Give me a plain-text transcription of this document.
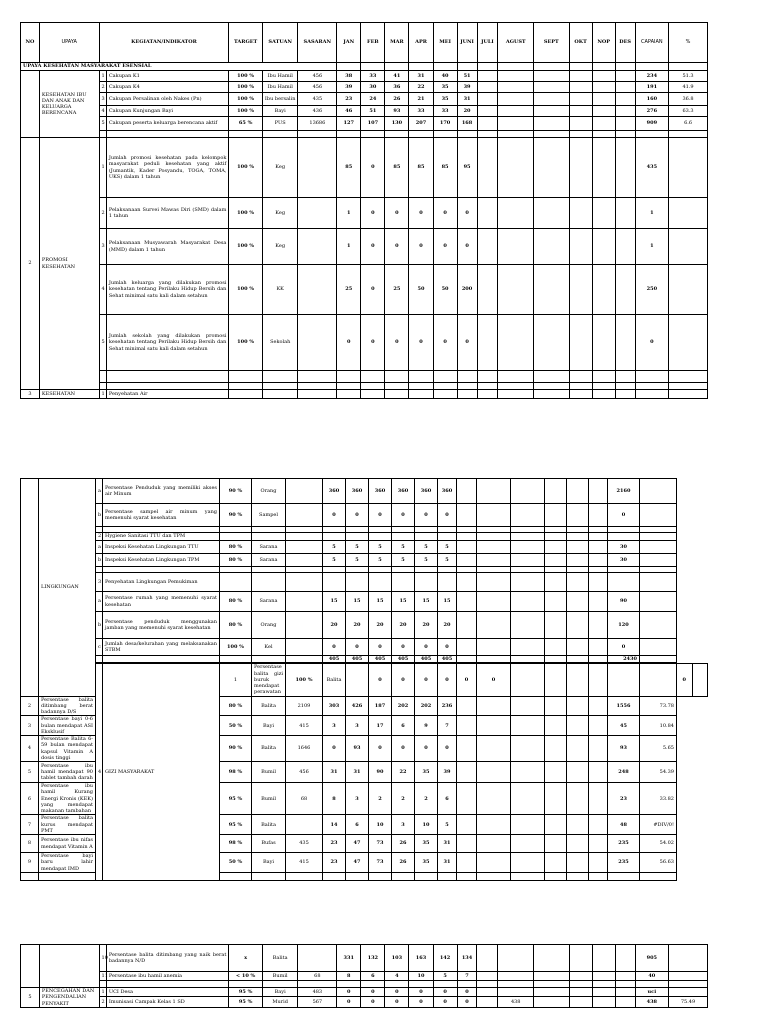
NO	UPAYA	KEGIATAN/INDIKATOR		TARGET	SATUAN	SASARAN	JAN	FEB	MAR	APR	MEI	JUNI	JULI	AGUST	SEPT	OKT	NOP	DES	CAPAIAN	%
UPAYA KESEHATAN MASYARAKAT ESENSIAL																				
	KESEHATAN IBU DAN ANAK DAN KELUARGA BERENCANA	1	Cakupan K1	100 %	Ibu Hamil	456	38	33	41	31	40	51							234	51.3
		2	Cakupan K4	100 %	Ibu Hamil	456	39	30	36	22	35	39							191	41.9
		3	Cakupan Persalinan oleh Nakes (Pn)	100 %	Ibu bersalin	435	23	24	26	21	35	31							160	36.8
		4	Cakupan Kunjungan Bayi	100 %	Bayi	436	46	51	93	33	33	20							276	63.3
		5	Cakupan peserta keluarga berencana aktif	65 %	PUS	13686	127	107	130	207	170	168							909	6.6

2	PROMOSI KESEHATAN	1	Jumlah promosi kesehatan pada kelompok masyarakat peduli kesehatan yang aktif (Jumantik, Kader Posyandu, TOGA, TOMA, UKS) dalam 1 tahun	100 %	Keg		85	0	85	85	85	95							435	
		2	Pelaksanaan Survei Mawas Diri (SMD) dalam 1 tahun	100 %	Keg		1	0	0	0	0	0							1	
		3	Pelaksanaan Musyawarah Masyarakat Desa (MMD) dalam 1 tahun	100 %	Keg		1	0	0	0	0	0							1	
		4	Jumlah keluarga yang dilakukan promosi kesehatan tentang Perilaku Hidup Bersih dan Sehat minimal satu kali dalam setahun	100 %	KK		25	0	25	50	50	200							250	
		5	Jumlah sekolah yang dilakukan promosi kesehatan tentang Perilaku Hidup Bersih dan Sehat minimal satu kali dalam setahun	100 %	Sekolah		0	0	0	0	0	0							0	

3	KESEHATAN	1	Penyehatan Air																	
	LINGKUNGAN	a	Persentase Penduduk yang memiliki akses air Minum	90 %	Orang		360	360	360	360	360	360							2160			
		b	Persentase sampel air minum yang memenuhi syarat kesehatan	90 %	Sampel		0	0	0	0	0	0							0			

		2	Hygiene Sanitasi TTU dan TPM																			
		a	Inspeksi Kesehatan Lingkungan TTU	80 %	Sarana		5	5	5	5	5	5							30			
		b	Inspeksi Kesehatan Lingkungan TPM	80 %	Sarana		5	5	5	5	5	5							30			

		3	Penyehatan Lingkungan Pemukiman																			
		a	Persentase rumah yang memenuhi syarat kesehatan	80 %	Sarana		15	15	15	15	15	15							90			
		b	Persentase penduduk menggunakan jamban yang memenuhi syarat kesehatan	80 %	Orang		20	20	20	20	20	20							120			
		c	Jumlah desa/kelurahan yang melaksanakan STBM	100 %	Kel		0	0	0	0	0	0							0			
							405	405	405	405	405	405							2430			

		4	GIZI MASYARAKAT	1	Persentase balita gizi buruk mendapat perawatan	100 %	Balita		0	0	0	0	0	0							0	
2	Persentase balita ditimbang berat badannya D/S			80 %	Balita	2109	303	426	187	202	202	236							1556	73.78		
3	Persentase bayi 0-6 bulan mendapat ASI Eksklusif			50 %	Bayi	415	3	3	17	6	9	7							45	10.84		
4	Persentase Balita 6-59 bulan mendapat kapsul Vitamin A dosis tinggi			90 %	Balita	1646	0	93	0	0	0	0							93	5.65		
5	Persentase ibu hamil mendapat 90 tablet tambah darah			98 %	Bumil	456	31	31	90	22	35	39							248	54.39		
6	Persentase ibu hamil Kurang Energi Kronis (KEK) yang mendapat makanan tambahan			95 %	Bumil	68	8	3	2	2	2	6							23	33.82		
7	Persentase balita kurus mendapat PMT			95 %	Balita		14	6	10	3	10	5							48	#DIV/0!		
8	Persentase ibu nifas mendapat Vitamin A			98 %	Bufas	435	23	47	73	26	35	31							235	54.02		
9	Persentase bayi baru lahir mendapat IMD			50 %	Bayi	415	23	47	73	26	35	31							235	56.63		

		10	Persentase balita ditimbang yang naik berat badannya N/D	x	Balita		331	132	103	163	142	134							905	
		11	Persentase ibu hamil anemia	< 10 %	Bumil	68	8	6	4	10	5	7							40	

5	PENCEGAHAN DAN PENGENDALIAN PENYAKIT	1	UCI Desa	95 %	Bayi	483	0	0	0	0	0	0							uci	
		2	Imunisasi Campak Kelas 1 SD	95 %	Murid	567	0	0	0	0	0	0		438					438	75.49
